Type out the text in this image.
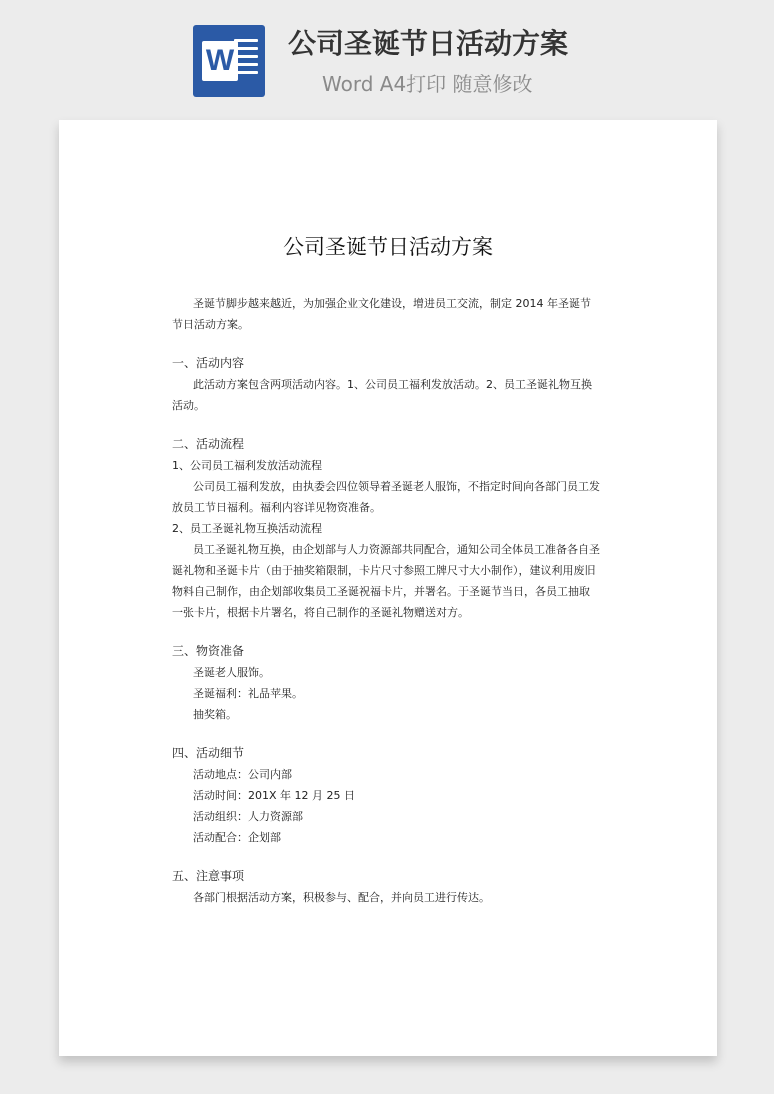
W
公司圣诞节日活动方案
Word A4打印 随意修改
公司圣诞节日活动方案

圣诞节脚步越来越近，为加强企业文化建设，增进员工交流，制定 2014 年圣诞节节日活动方案。

一、活动内容

此活动方案包含两项活动内容。1、公司员工福利发放活动。2、员工圣诞礼物互换活动。

二、活动流程

1、公司员工福利发放活动流程

公司员工福利发放，由执委会四位领导着圣诞老人服饰，不指定时间向各部门员工发放员工节日福利。福利内容详见物资准备。

2、员工圣诞礼物互换活动流程

员工圣诞礼物互换，由企划部与人力资源部共同配合，通知公司全体员工准备各自圣诞礼物和圣诞卡片（由于抽奖箱限制，卡片尺寸参照工牌尺寸大小制作），建议利用废旧物料自己制作，由企划部收集员工圣诞祝福卡片，并署名。于圣诞节当日，各员工抽取一张卡片，根据卡片署名，将自己制作的圣诞礼物赠送对方。

三、物资准备

圣诞老人服饰。

圣诞福利：礼品苹果。

抽奖箱。

四、活动细节

活动地点：公司内部

活动时间：201X 年 12 月 25 日

活动组织：人力资源部

活动配合：企划部

五、注意事项

各部门根据活动方案，积极参与、配合，并向员工进行传达。
